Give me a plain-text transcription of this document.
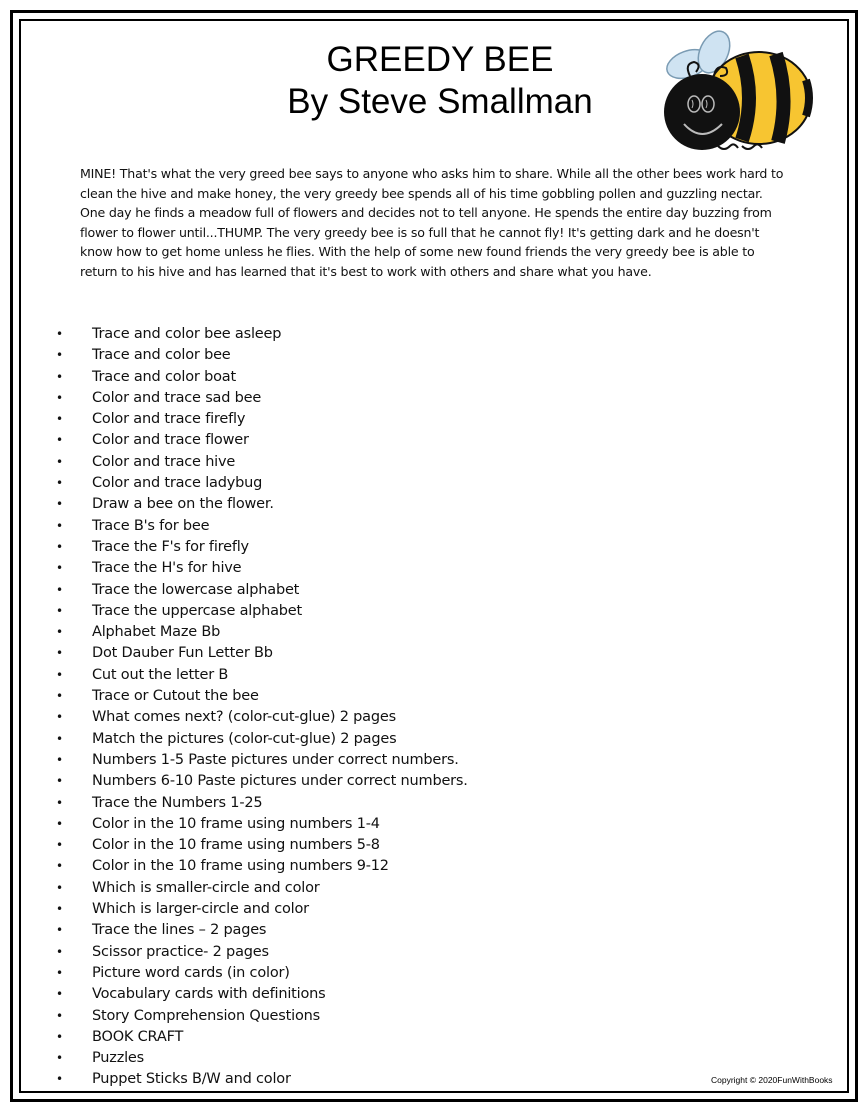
GREEDY BEE
By Steve Smallman

MINE! That's what the very greed bee says to anyone who asks him to share. While all the other bees work hard to clean the hive and make honey, the very greedy bee spends all of his time gobbling pollen and guzzling nectar. One day he finds a meadow full of flowers and decides not to tell anyone. He spends the entire day buzzing from flower to flower until...THUMP. The very greedy bee is so full that he cannot fly! It's getting dark and he doesn't know how to get home unless he flies. With the help of some new found friends the very greedy bee is able to return to his hive and has learned that it's best to work with others and share what you have.

• Trace and color bee asleep
• Trace and color bee
• Trace and color boat
• Color and trace sad bee
• Color and trace firefly
• Color and trace flower
• Color and trace hive
• Color and trace ladybug
• Draw a bee on the flower.
• Trace B's for bee
• Trace the F's for firefly
• Trace the H's for hive
• Trace the lowercase alphabet
• Trace the uppercase alphabet
• Alphabet Maze Bb
• Dot Dauber Fun Letter Bb
• Cut out the letter B
• Trace or Cutout the bee
• What comes next? (color-cut-glue) 2 pages
• Match the pictures (color-cut-glue) 2 pages
• Numbers 1-5 Paste pictures under correct numbers.
• Numbers 6-10 Paste pictures under correct numbers.
• Trace the Numbers 1-25
• Color in the 10 frame using numbers 1-4
• Color in the 10 frame using numbers 5-8
• Color in the 10 frame using numbers 9-12
• Which is smaller-circle and color
• Which is larger-circle and color
• Trace the lines – 2 pages
• Scissor practice- 2 pages
• Picture word cards (in color)
• Vocabulary cards with definitions
• Story Comprehension Questions
• BOOK CRAFT
• Puzzles
• Puppet Sticks B/W and color	Copyright © 2020FunWithBooks
